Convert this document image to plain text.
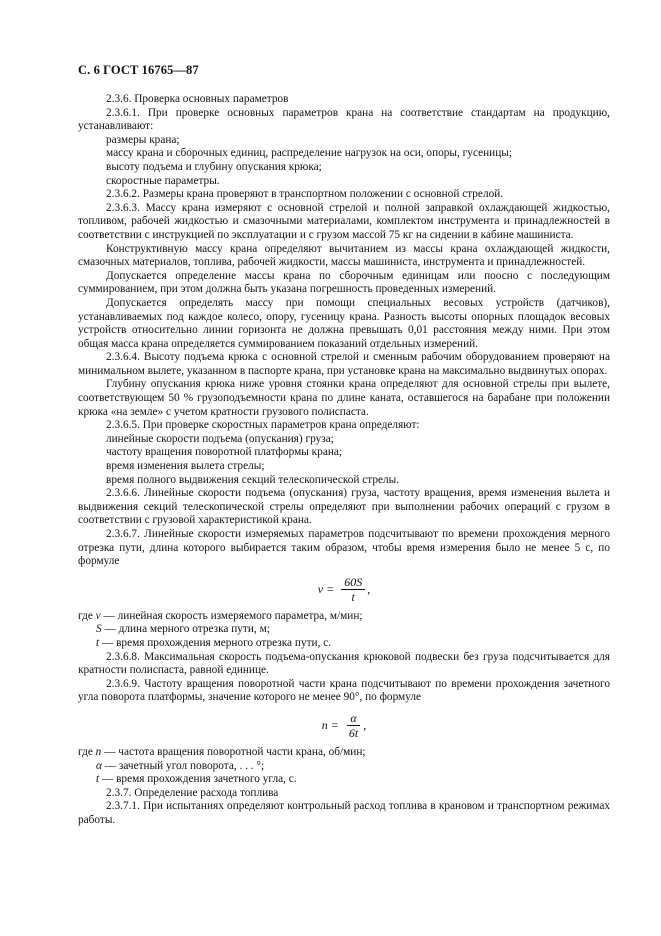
С. 6 ГОСТ 16765—87

2.3.6. Проверка основных параметров

2.3.6.1. При проверке основных параметров крана на соответствие стандартам на продукцию, устанавливают:

размеры крана;

массу крана и сборочных единиц, распределение нагрузок на оси, опоры, гусеницы;

высоту подъема и глубину опускания крюка;

скоростные параметры.

2.3.6.2. Размеры крана проверяют в транспортном положении с основной стрелой.

2.3.6.3. Массу крана измеряют с основной стрелой и полной заправкой охлаждающей жидкостью, топливом, рабочей жидкостью и смазочными материалами, комплектом инструмента и принадлежностей в соответствии с инструкцией по эксплуатации и с грузом массой 75 кг на сидении в кабине машиниста.

Конструктивную массу крана определяют вычитанием из массы крана охлаждающей жидкости, смазочных материалов, топлива, рабочей жидкости, массы машиниста, инструмента и принадлежностей.

Допускается определение массы крана по сборочным единицам или поосно с последующим суммированием, при этом должна быть указана погрешность проведенных измерений.

Допускается определять массу при помощи специальных весовых устройств (датчиков), устанавливаемых под каждое колесо, опору, гусеницу крана. Разность высоты опорных площадок весовых устройств относительно линии горизонта не должна превышать 0,01 расстояния между ними. При этом общая масса крана определяется суммированием показаний отдельных измерений.

2.3.6.4. Высоту подъема крюка с основной стрелой и сменным рабочим оборудованием проверяют на минимальном вылете, указанном в паспорте крана, при установке крана на максимально выдвинутых опорах.

Глубину опускания крюка ниже уровня стоянки крана определяют для основной стрелы при вылете, соответствующем 50 % грузоподъемности крана по длине каната, оставшегося на барабане при положении крюка «на земле» с учетом кратности грузового полиспаста.

2.3.6.5. При проверке скоростных параметров крана определяют:

линейные скорости подъема (опускания) груза;

частоту вращения поворотной платформы крана;

время изменения вылета стрелы;

время полного выдвижения секций телескопической стрелы.

2.3.6.6. Линейные скорости подъема (опускания) груза, частоту вращения, время изменения вылета и выдвижения секций телескопической стрелы определяют при выполнении рабочих операций с грузом в соответствии с грузовой характеристикой крана.

2.3.6.7. Линейные скорости измеряемых параметров подсчитывают по времени прохождения мерного отрезка пути, длина которого выбирается таким образом, чтобы время измерения было не менее 5 с, по формуле

$v = \frac{60S}{t}$ ,

где v — линейная скорость измеряемого параметра, м/мин;

S — длина мерного отрезка пути, м;

t — время прохождения мерного отрезка пути, с.

2.3.6.8. Максимальная скорость подъема-опускания крюковой подвески без груза подсчитывается для кратности полиспаста, равной единице.

2.3.6.9. Частоту вращения поворотной части крана подсчитывают по времени прохождения зачетного угла поворота платформы, значение которого не менее 90°, по формуле

$n = \frac{\alpha}{6t}$ ,

где n — частота вращения поворотной части крана, об/мин;

α — зачетный угол поворота, . . . °;

t — время прохождения зачетного угла, с.

2.3.7. Определение расхода топлива

2.3.7.1. При испытаниях определяют контрольный расход топлива в крановом и транспортном режимах работы.
